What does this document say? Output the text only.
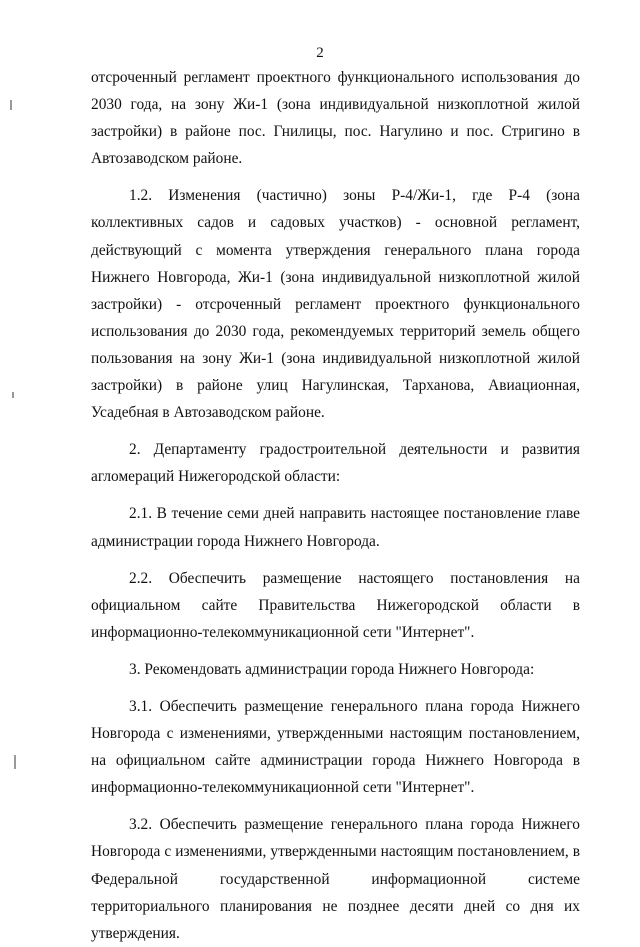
2

отсроченный регламент проектного функционального использования до 2030 года, на зону Жи-1 (зона индивидуальной низкоплотной жилой застройки) в районе пос. Гнилицы, пос. Нагулино и пос. Стригино в Автозаводском районе.

1.2. Изменения (частично) зоны Р-4/Жи-1, где Р-4 (зона коллективных садов и садовых участков) - основной регламент, действующий с момента утверждения генерального плана города Нижнего Новгорода, Жи-1 (зона индивидуальной низкоплотной жилой застройки) - отсроченный регламент проектного функционального использования до 2030 года, рекомендуемых территорий земель общего пользования на зону Жи-1 (зона индивидуальной низкоплотной жилой застройки) в районе улиц Нагулинская, Тарханова, Авиационная, Усадебная в Автозаводском районе.

2. Департаменту градостроительной деятельности и развития агломераций Нижегородской области:

2.1. В течение семи дней направить настоящее постановление главе администрации города Нижнего Новгорода.

2.2. Обеспечить размещение настоящего постановления на официальном сайте Правительства Нижегородской области в информационно-телекоммуникационной сети "Интернет".

3. Рекомендовать администрации города Нижнего Новгорода:

3.1. Обеспечить размещение генерального плана города Нижнего Новгорода с изменениями, утвержденными настоящим постановлением, на официальном сайте администрации города Нижнего Новгорода в информационно-телекоммуникационной сети "Интернет".

3.2. Обеспечить размещение генерального плана города Нижнего Новгорода с изменениями, утвержденными настоящим постановлением, в Федеральной государственной информационной системе территориального планирования не позднее десяти дней со дня их утверждения.
